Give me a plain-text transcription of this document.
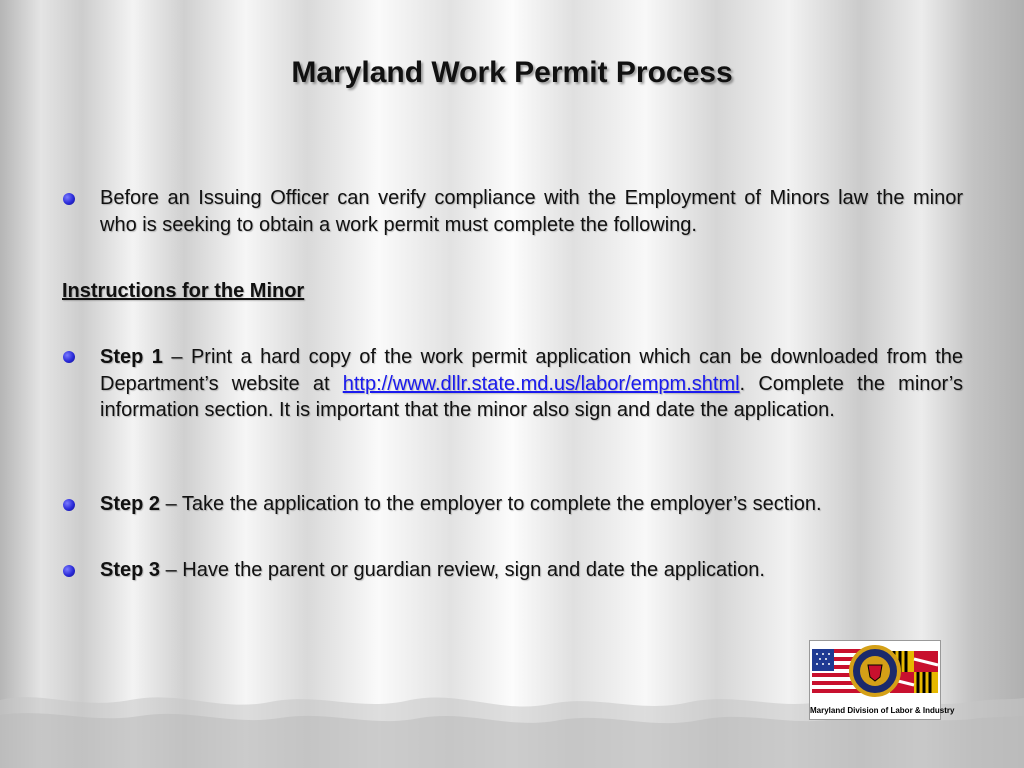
Maryland Work Permit Process
Before an Issuing Officer can verify compliance with the Employment of Minors law the minor who is seeking to obtain a work permit must complete the following.
Instructions for the Minor
Step 1 – Print a hard copy of the work permit application which can be downloaded from the Department’s website at http://www.dllr.state.md.us/labor/empm.shtml. Complete the minor’s information section. It is important that the minor also sign and date the application.
Step 2 – Take the application to the employer to complete the employer’s section.
Step 3 – Have the parent or guardian review, sign and date the application.
Maryland Division of Labor & Industry
